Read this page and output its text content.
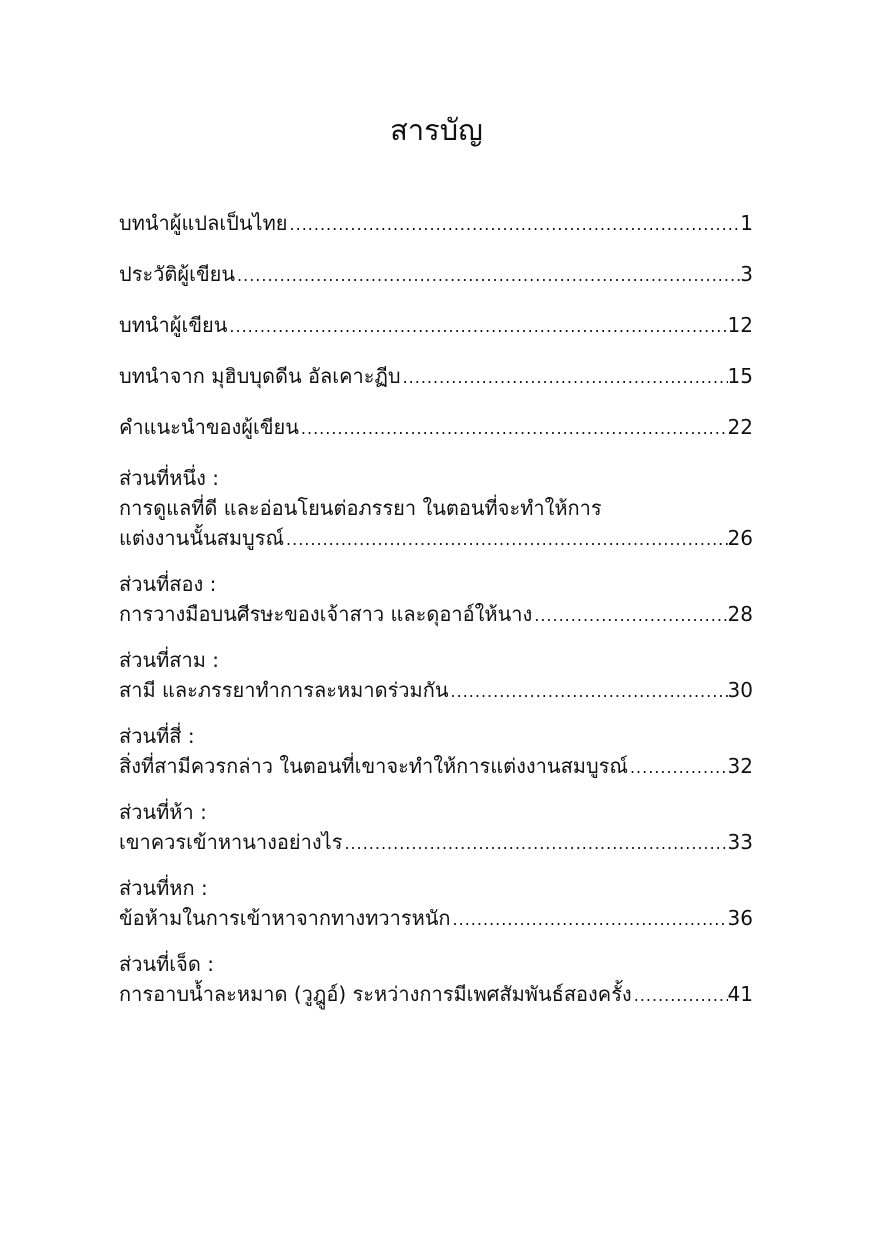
สารบัญ
บทนำผู้แปลเป็นไทย .....	1
ประวัติผู้เขียน .....	3
บทนำผู้เขียน .....	12
บทนำจาก มุฮิบบุดดีน อัลเคาะฏีบ .....	15
คำแนะนำของผู้เขียน .....	22
ส่วนที่หนึ่ง :
การดูแลที่ดี และอ่อนโยนต่อภรรยา ในตอนที่จะทำให้การ
แต่งงานนั้นสมบูรณ์ .....	26
ส่วนที่สอง :
การวางมือบนศีรษะของเจ้าสาว และดุอาอ์ให้นาง .....	28
ส่วนที่สาม :
สามี และภรรยาทำการละหมาดร่วมกัน .....	30
ส่วนที่สี่ :
สิ่งที่สามีควรกล่าว ในตอนที่เขาจะทำให้การแต่งงานสมบูรณ์ .....	32
ส่วนที่ห้า :
เขาควรเข้าหานางอย่างไร .....	33
ส่วนที่หก :
ข้อห้ามในการเข้าหาจากทางทวารหนัก .....	36
ส่วนที่เจ็ด :
การอาบน้ำละหมาด (วูฎูอ์) ระหว่างการมีเพศสัมพันธ์สองครั้ง .....	41
